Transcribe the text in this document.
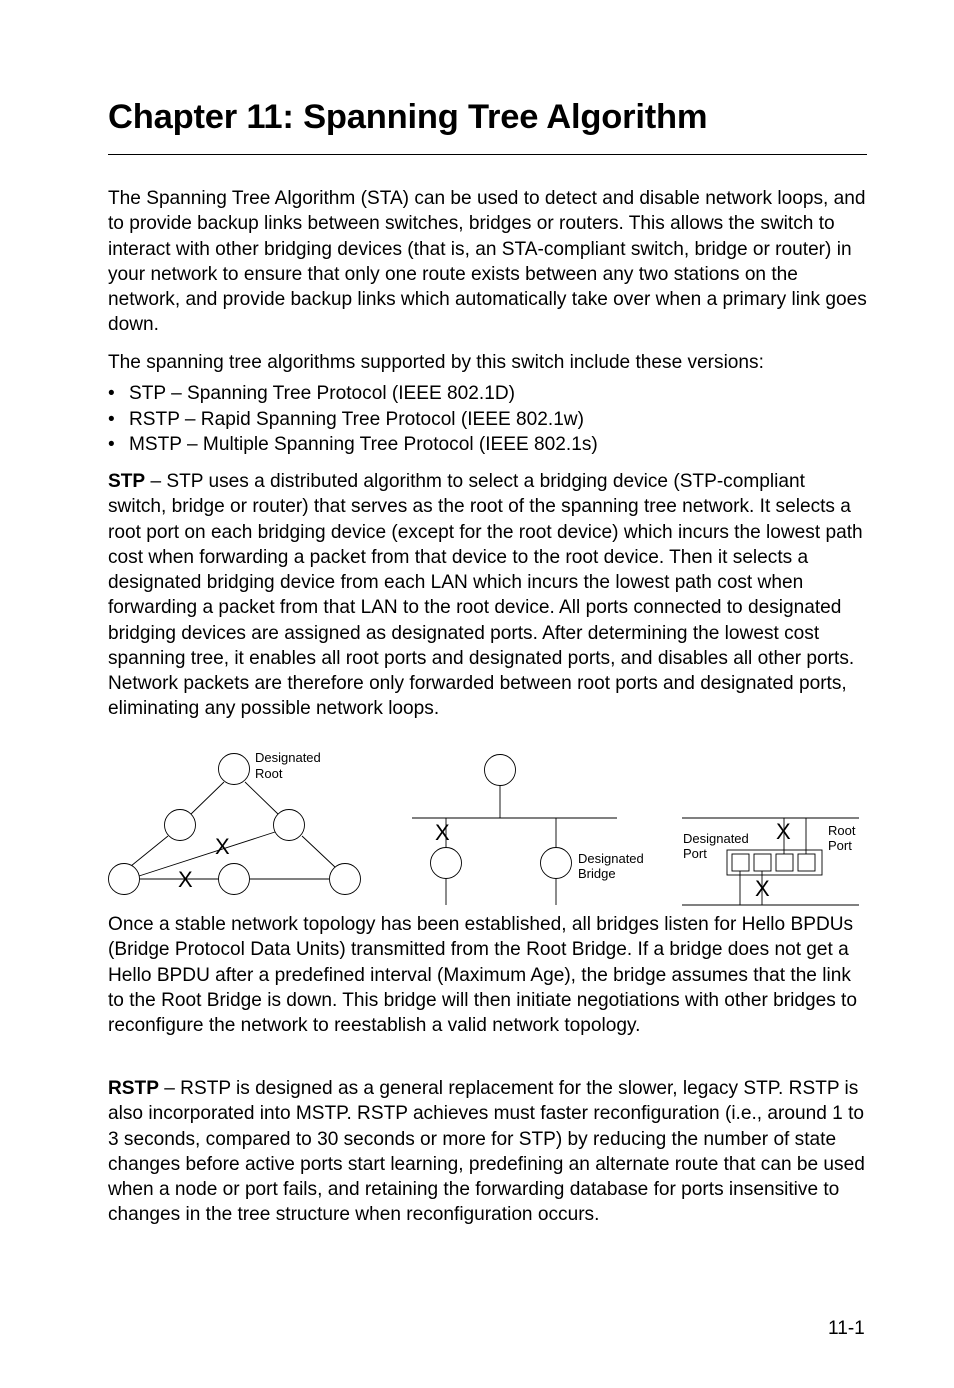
Chapter 11: Spanning Tree Algorithm

The Spanning Tree Algorithm (STA) can be used to detect and disable network loops, and to provide backup links between switches, bridges or routers. This allows the switch to interact with other bridging devices (that is, an STA-compliant switch, bridge or router) in your network to ensure that only one route exists between any two stations on the network, and provide backup links which automatically take over when a primary link goes down.

The spanning tree algorithms supported by this switch include these versions:

• STP – Spanning Tree Protocol (IEEE 802.1D)
• RSTP – Rapid Spanning Tree Protocol (IEEE 802.1w)
• MSTP – Multiple Spanning Tree Protocol (IEEE 802.1s)

STP – STP uses a distributed algorithm to select a bridging device (STP-compliant switch, bridge or router) that serves as the root of the spanning tree network. It selects a root port on each bridging device (except for the root device) which incurs the lowest path cost when forwarding a packet from that device to the root device. Then it selects a designated bridging device from each LAN which incurs the lowest path cost when forwarding a packet from that LAN to the root device. All ports connected to designated bridging devices are assigned as designated ports. After determining the lowest cost spanning tree, it enables all root ports and designated ports, and disables all other ports. Network packets are therefore only forwarded between root ports and designated ports, eliminating any possible network loops.

Once a stable network topology has been established, all bridges listen for Hello BPDUs (Bridge Protocol Data Units) transmitted from the Root Bridge. If a bridge does not get a Hello BPDU after a predefined interval (Maximum Age), the bridge assumes that the link to the Root Bridge is down. This bridge will then initiate negotiations with other bridges to reconfigure the network to reestablish a valid network topology.

RSTP – RSTP is designed as a general replacement for the slower, legacy STP. RSTP is also incorporated into MSTP. RSTP achieves must faster reconfiguration (i.e., around 1 to 3 seconds, compared to 30 seconds or more for STP) by reducing the number of state changes before active ports start learning, predefining an alternate route that can be used when a node or port fails, and retaining the forwarding database for ports insensitive to changes in the tree structure when reconfiguration occurs.

Designated
Root
X
X
X
Designated
Bridge
X
X
Designated
Port
Root
Port
11-1
